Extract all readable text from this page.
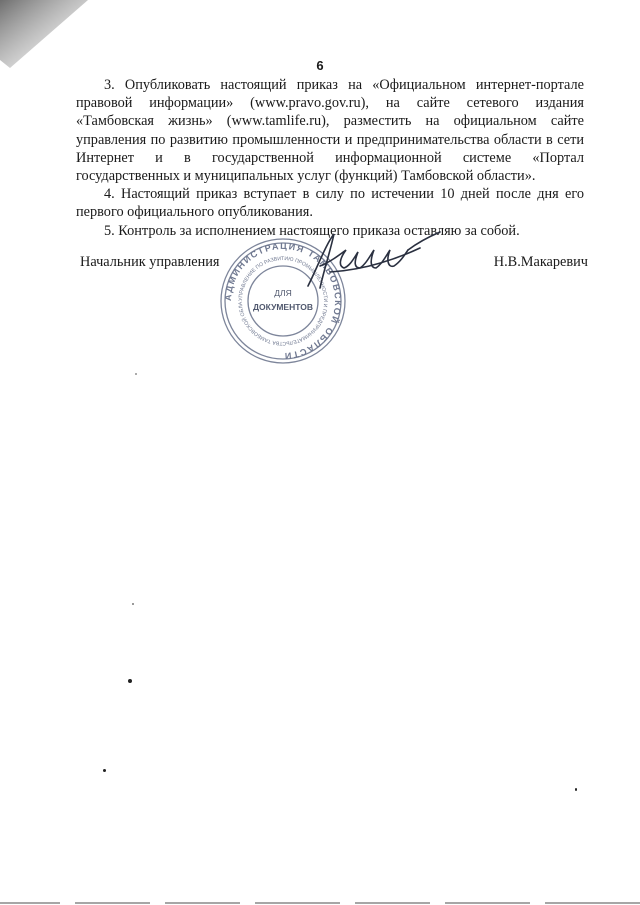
6

3. Опубликовать настоящий приказ на «Официальном интернет-портале правовой информации» (www.pravo.gov.ru), на сайте сетевого издания «Тамбовская жизнь» (www.tamlife.ru), разместить на официальном сайте управления по развитию промышленности и предпринимательства области в сети Интернет и в государственной информационной системе «Портал государственных и муниципальных услуг (функций) Тамбовской области».

4. Настоящий приказ вступает в силу по истечении 10 дней после дня его первого официального опубликования.

5. Контроль за исполнением настоящего приказа оставляю за собой.

Начальник управления	Н.В.Макаревич
АДМИНИСТРАЦИЯ ТАМБОВСКОЙ ОБЛАСТИ
УПРАВЛЕНИЕ ПО РАЗВИТИЮ ПРОМЫШЛЕННОСТИ И ПРЕДПРИНИМАТЕЛЬСТВА ТАМБОВСКОЙ ОБЛА
ДЛЯ
ДОКУМЕНТОВ
